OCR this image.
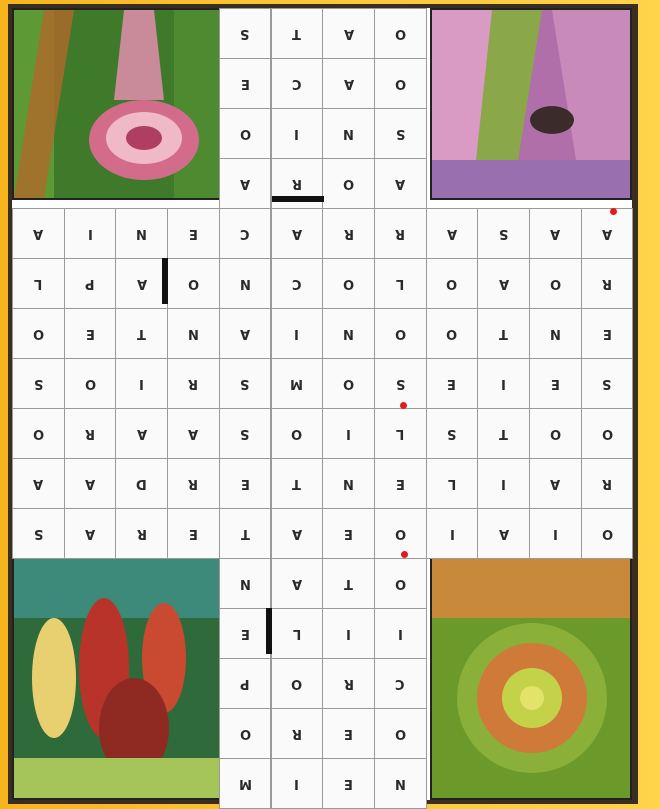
S	T	A	O
E	C	A	O
O	I	N	S
A	R	O	A
A	I	N	E	C	A	R	R	A	S	A	A
L	P	A	O	N	C	O	L	O	A	O	R
O	E	T	N	A	I	N	O	O	T	N	E
S	O	I	R	S	M	O	S	E	I	E	S
O	R	A	A	S	O	I	L	S	T	O	O
A	A	D	R	E	T	N	E	L	I	A	R
S	A	R	E	T	A	E	O	I	A	I	O
N	A	T	O
E	L	I	I
P	O	R	C
O	R	E	O
M	I	E	N
